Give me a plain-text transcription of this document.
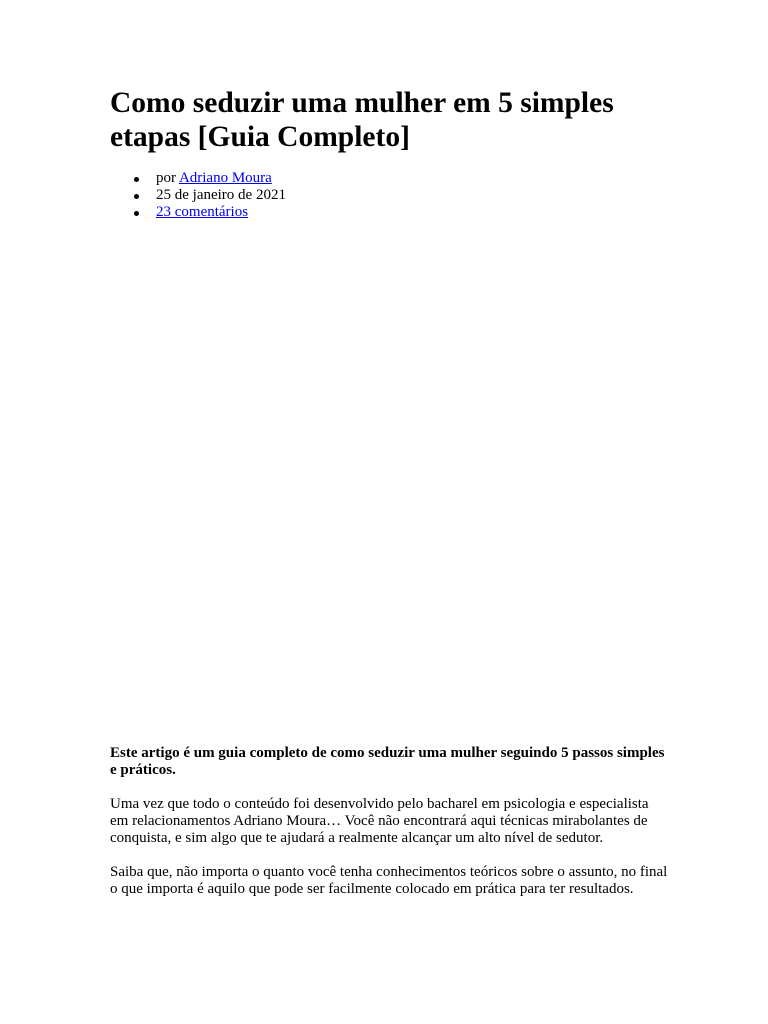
Como seduzir uma mulher em 5 simples etapas [Guia Completo]
por Adriano Moura
25 de janeiro de 2021
23 comentários

Este artigo é um guia completo de como seduzir uma mulher seguindo 5 passos simples e práticos.

Uma vez que todo o conteúdo foi desenvolvido pelo bacharel em psicologia e especialista em relacionamentos Adriano Moura… Você não encontrará aqui técnicas mirabolantes de conquista, e sim algo que te ajudará a realmente alcançar um alto nível de sedutor.

Saiba que, não importa o quanto você tenha conhecimentos teóricos sobre o assunto, no final o que importa é aquilo que pode ser facilmente colocado em prática para ter resultados.
